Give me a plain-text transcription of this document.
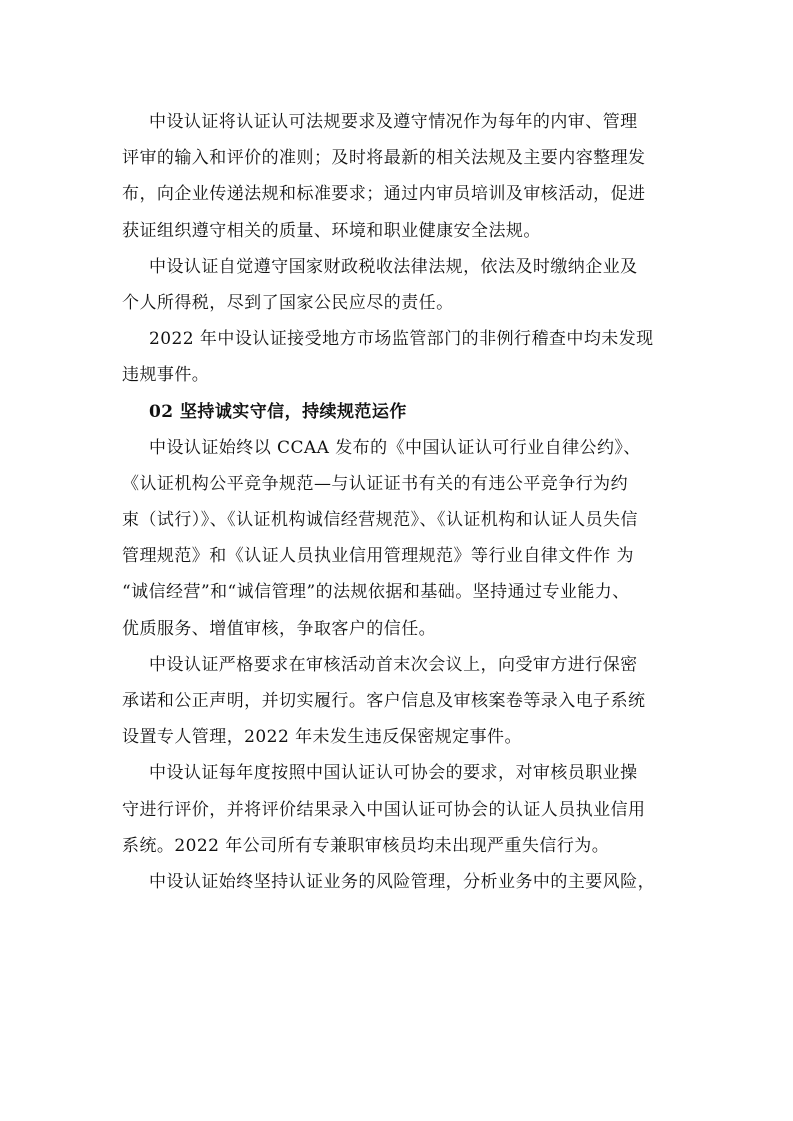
中设认证将认证认可法规要求及遵守情况作为每年的内审、管理
评审的输入和评价的准则；及时将最新的相关法规及主要内容整理发
布，向企业传递法规和标准要求；通过内审员培训及审核活动，促进
获证组织遵守相关的质量、环境和职业健康安全法规。
中设认证自觉遵守国家财政税收法律法规，依法及时缴纳企业及
个人所得税，尽到了国家公民应尽的责任。
2022 年中设认证接受地方市场监管部门的非例行稽查中均未发现
违规事件。
02 坚持诚实守信，持续规范运作
中设认证始终以 CCAA 发布的《中国认证认可行业自律公约》、
《认证机构公平竞争规范—与认证证书有关的有违公平竞争行为约
束（试行）》、《认证机构诚信经营规范》、《认证机构和认证人员失信
管理规范》和《认证人员执业信用管理规范》等行业自律文件作 为
“诚信经营”和“诚信管理”的法规依据和基础。坚持通过专业能力、
优质服务、增值审核，争取客户的信任。
中设认证严格要求在审核活动首末次会议上，向受审方进行保密
承诺和公正声明，并切实履行。客户信息及审核案卷等录入电子系统
设置专人管理，2022 年未发生违反保密规定事件。
中设认证每年度按照中国认证认可协会的要求，对审核员职业操
守进行评价，并将评价结果录入中国认证可协会的认证人员执业信用
系统。2022 年公司所有专兼职审核员均未出现严重失信行为。
中设认证始终坚持认证业务的风险管理，分析业务中的主要风险，
